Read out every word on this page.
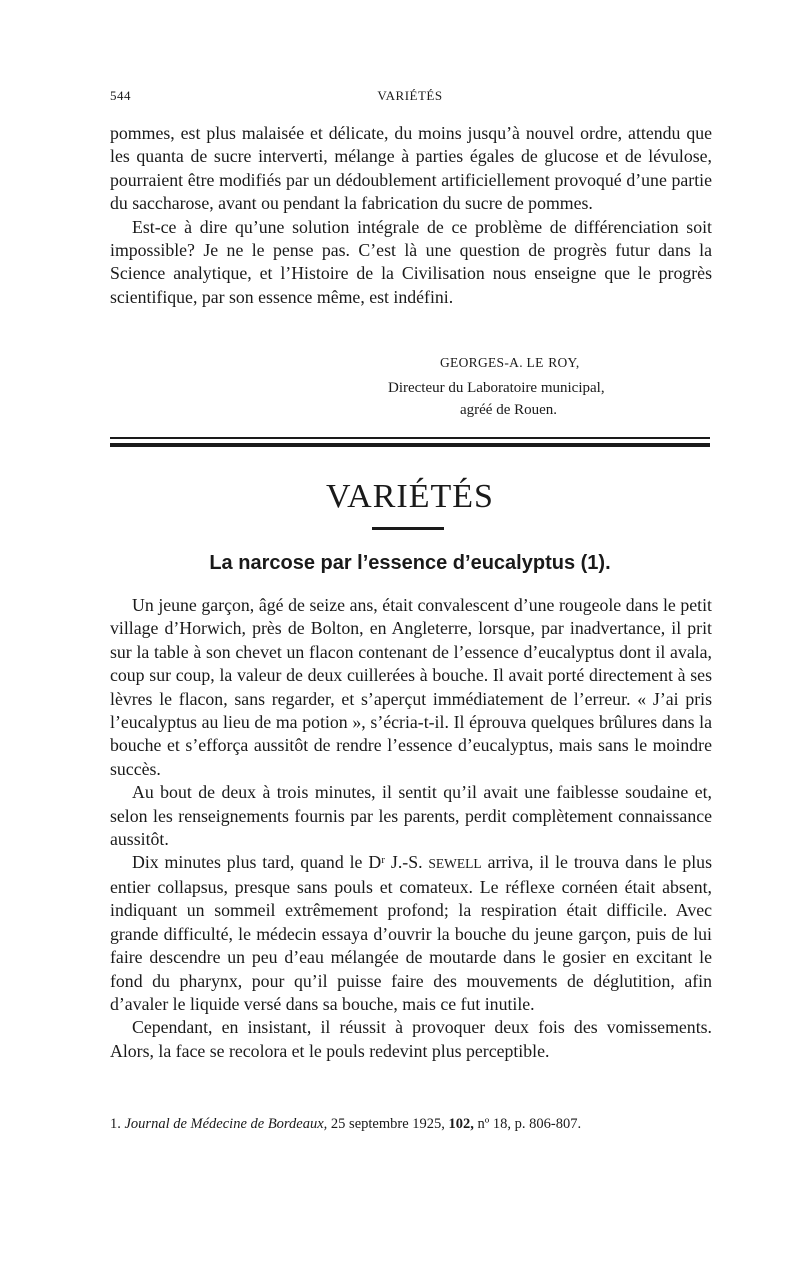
544	VARIÉTÉS

pommes, est plus malaisée et délicate, du moins jusqu’à nouvel ordre, attendu que les quanta de sucre interverti, mélange à parties égales de glucose et de lévulose, pourraient être modifiés par un dédoublement artificiellement provoqué d’une partie du saccharose, avant ou pendant la fabrication du sucre de pommes.

Est-ce à dire qu’une solution intégrale de ce problème de différenciation soit impossible? Je ne le pense pas. C’est là une question de progrès futur dans la Science analytique, et l’Histoire de la Civilisation nous enseigne que le progrès scientifique, par son essence même, est indéfini.

GEORGES-A. LE ROY,
Directeur du Laboratoire municipal,
agréé de Rouen.
VARIÉTÉS
La narcose par l’essence d’eucalyptus (1).

Un jeune garçon, âgé de seize ans, était convalescent d’une rougeole dans le petit village d’Horwich, près de Bolton, en Angleterre, lorsque, par inadvertance, il prit sur la table à son chevet un flacon contenant de l’essence d’eucalyptus dont il avala, coup sur coup, la valeur de deux cuillerées à bouche. Il avait porté directement à ses lèvres le flacon, sans regarder, et s’aperçut immédiatement de l’erreur. « J’ai pris l’eucalyptus au lieu de ma potion », s’écria-t-il. Il éprouva quelques brûlures dans la bouche et s’efforça aussitôt de rendre l’essence d’eucalyptus, mais sans le moindre succès.

Au bout de deux à trois minutes, il sentit qu’il avait une faiblesse soudaine et, selon les renseignements fournis par les parents, perdit complètement connaissance aussitôt.

Dix minutes plus tard, quand le Dʳ J.-S. SEWELL arriva, il le trouva dans le plus entier collapsus, presque sans pouls et comateux. Le réflexe cornéen était absent, indiquant un sommeil extrêmement profond; la respiration était difficile. Avec grande difficulté, le médecin essaya d’ouvrir la bouche du jeune garçon, puis de lui faire descendre un peu d’eau mélangée de moutarde dans le gosier en excitant le fond du pharynx, pour qu’il puisse faire des mouvements de déglutition, afin d’avaler le liquide versé dans sa bouche, mais ce fut inutile.

Cependant, en insistant, il réussit à provoquer deux fois des vomissements. Alors, la face se recolora et le pouls redevint plus perceptible.

1. Journal de Médecine de Bordeaux, 25 septembre 1925, 102, nº 18, p. 806-807.
